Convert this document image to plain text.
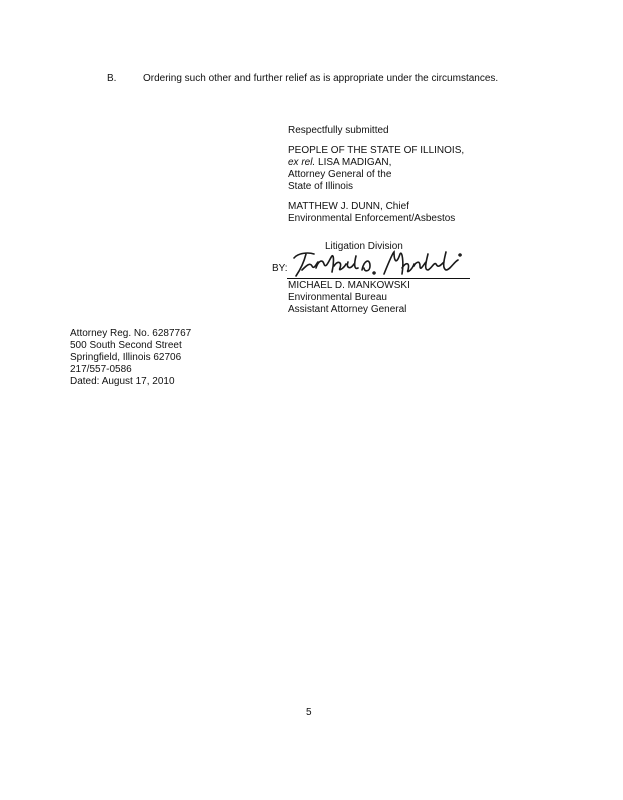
B.	Ordering such other and further relief as is appropriate under the circumstances.
Respectfully submitted
PEOPLE OF THE STATE OF ILLINOIS,
ex rel. LISA MADIGAN,
Attorney General of the
State of Illinois
MATTHEW J. DUNN, Chief
Environmental Enforcement/Asbestos
Litigation Division
BY:
MICHAEL D. MANKOWSKI
Environmental Bureau
Assistant Attorney General
Attorney Reg. No. 6287767
500 South Second Street
Springfield, Illinois 62706
217/557-0586
Dated: August 17, 2010
5
